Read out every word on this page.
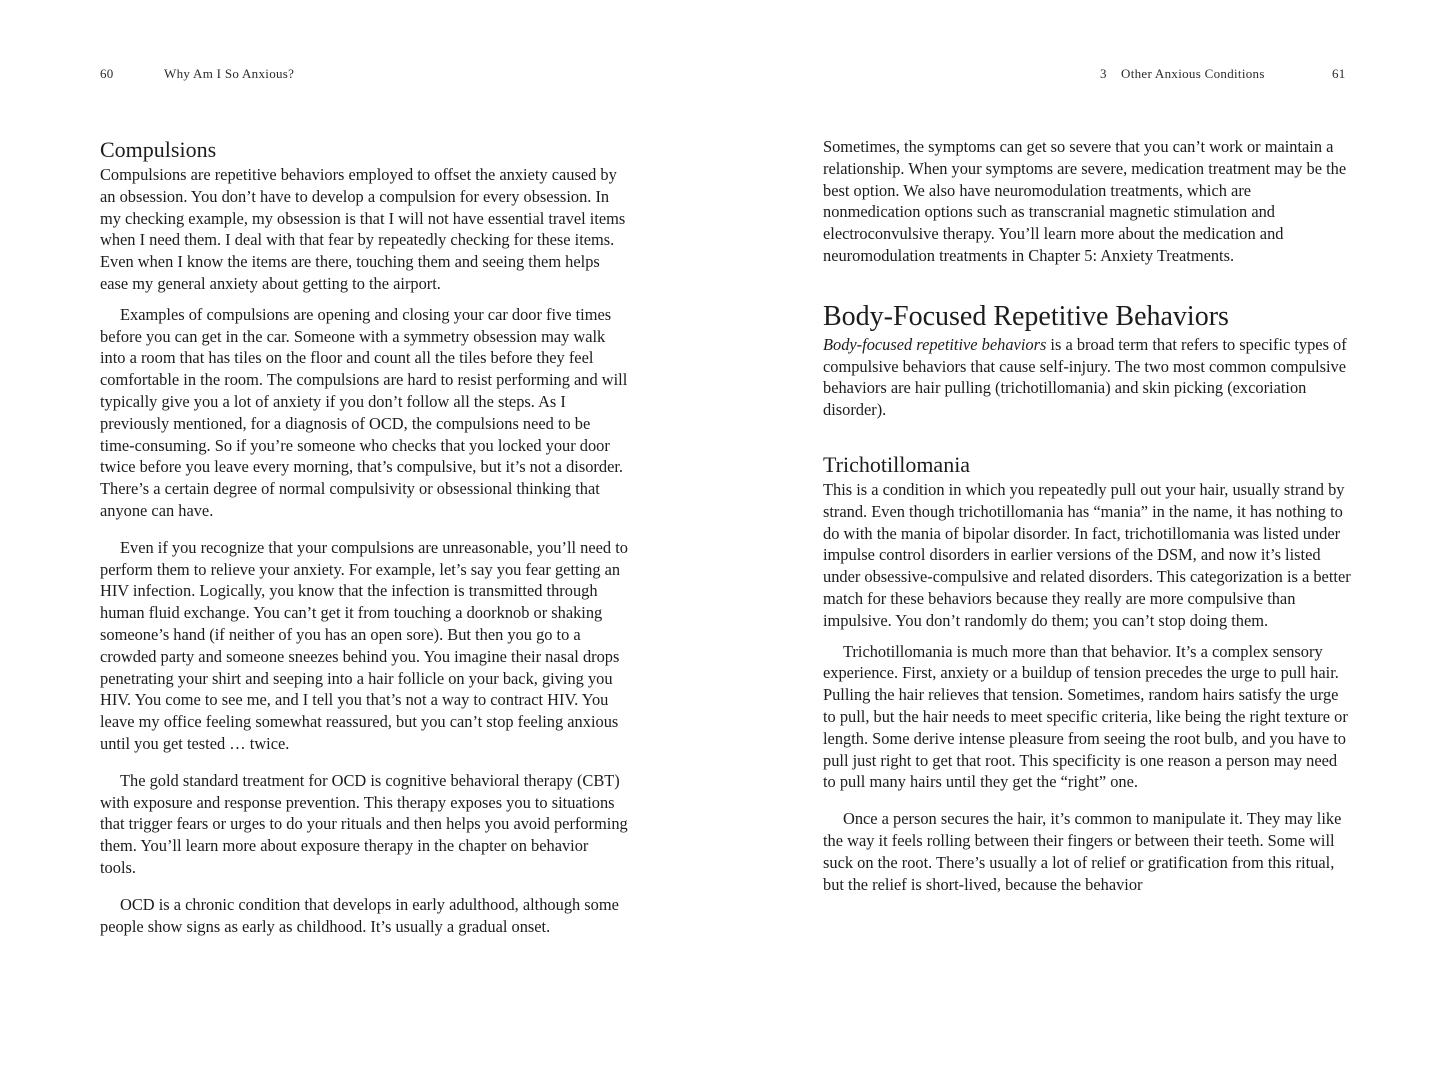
60	Why Am I So Anxious?
Compulsions

Compulsions are repetitive behaviors employed to offset the anxiety caused by an obsession. You don’t have to develop a compulsion for every obsession. In my checking example, my obsession is that I will not have essential travel items when I need them. I deal with that fear by repeatedly checking for these items. Even when I know the items are there, touching them and seeing them helps ease my general anxiety about getting to the airport.

Examples of compulsions are opening and closing your car door five times before you can get in the car. Someone with a symmetry obsession may walk into a room that has tiles on the floor and count all the tiles before they feel comfortable in the room. The compulsions are hard to resist performing and will typically give you a lot of anxiety if you don’t follow all the steps. As I previously mentioned, for a diagnosis of OCD, the compulsions need to be time-consuming. So if you’re someone who checks that you locked your door twice before you leave every morning, that’s compulsive, but it’s not a disorder. There’s a certain degree of normal compulsivity or obsessional thinking that anyone can have.

Even if you recognize that your compulsions are unreasonable, you’ll need to perform them to relieve your anxiety. For example, let’s say you fear getting an HIV infection. Logically, you know that the infection is transmitted through human fluid exchange. You can’t get it from touching a doorknob or shaking someone’s hand (if neither of you has an open sore). But then you go to a crowded party and someone sneezes behind you. You imagine their nasal drops penetrating your shirt and seeping into a hair follicle on your back, giving you HIV. You come to see me, and I tell you that’s not a way to contract HIV. You leave my office feeling somewhat reassured, but you can’t stop feeling anxious until you get tested … twice.

The gold standard treatment for OCD is cognitive behavioral therapy (CBT) with exposure and response prevention. This therapy exposes you to situations that trigger fears or urges to do your rituals and then helps you avoid performing them. You’ll learn more about exposure therapy in the chapter on behavior tools.

OCD is a chronic condition that develops in early adulthood, although some people show signs as early as childhood. It’s usually a gradual onset.

3 Other Anxious Conditions	61

Sometimes, the symptoms can get so severe that you can’t work or maintain a relationship. When your symptoms are severe, medication treatment may be the best option. We also have neuromodulation treatments, which are nonmedication options such as transcranial magnetic stimulation and electroconvulsive therapy. You’ll learn more about the medication and neuromodulation treatments in Chapter 5: Anxiety Treatments.

Body-Focused Repetitive Behaviors

Body-focused repetitive behaviors is a broad term that refers to specific types of compulsive behaviors that cause self-injury. The two most common compulsive behaviors are hair pulling (trichotillomania) and skin picking (excoriation disorder).

Trichotillomania

This is a condition in which you repeatedly pull out your hair, usually strand by strand. Even though trichotillomania has “mania” in the name, it has nothing to do with the mania of bipolar disorder. In fact, trichotillomania was listed under impulse control disorders in earlier versions of the DSM, and now it’s listed under obsessive-compulsive and related disorders. This categorization is a better match for these behaviors because they really are more compulsive than impulsive. You don’t randomly do them; you can’t stop doing them.

Trichotillomania is much more than that behavior. It’s a complex sensory experience. First, anxiety or a buildup of tension precedes the urge to pull hair. Pulling the hair relieves that tension. Sometimes, random hairs satisfy the urge to pull, but the hair needs to meet specific criteria, like being the right texture or length. Some derive intense pleasure from seeing the root bulb, and you have to pull just right to get that root. This specificity is one reason a person may need to pull many hairs until they get the “right” one.

Once a person secures the hair, it’s common to manipulate it. They may like the way it feels rolling between their fingers or between their teeth. Some will suck on the root. There’s usually a lot of relief or gratification from this ritual, but the relief is short-lived, because the behavior
